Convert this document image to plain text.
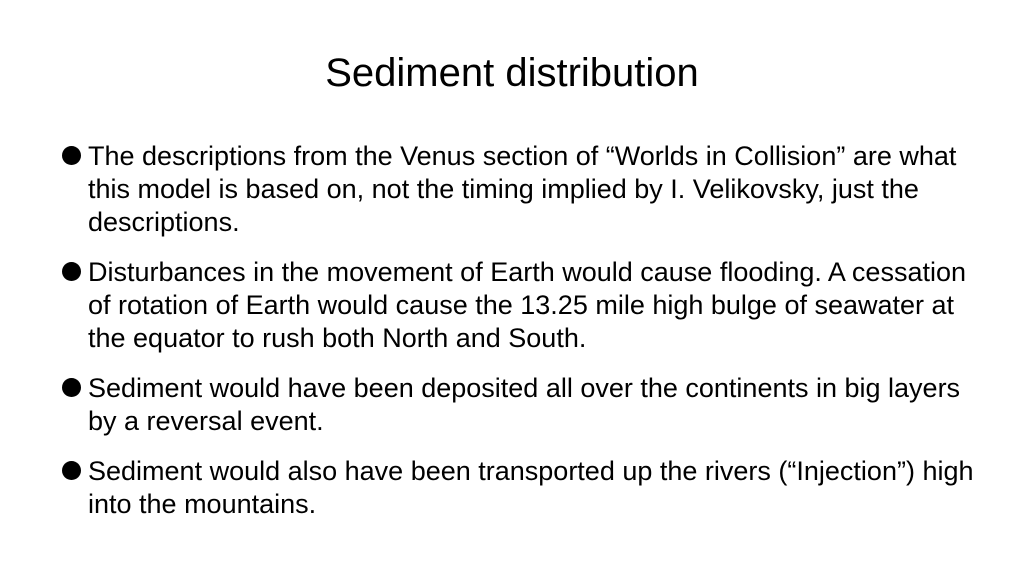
Sediment distribution
The descriptions from the Venus section of “Worlds in Collision” are what this model is based on, not the timing implied by I. Velikovsky, just the descriptions.
Disturbances in the movement of Earth would cause flooding. A cessation of rotation of Earth would cause the 13.25 mile high bulge of seawater at the equator to rush both North and South.
Sediment would have been deposited all over the continents in big layers by a reversal event.
Sediment would also have been transported up the rivers (“Injection”) high into the mountains.
